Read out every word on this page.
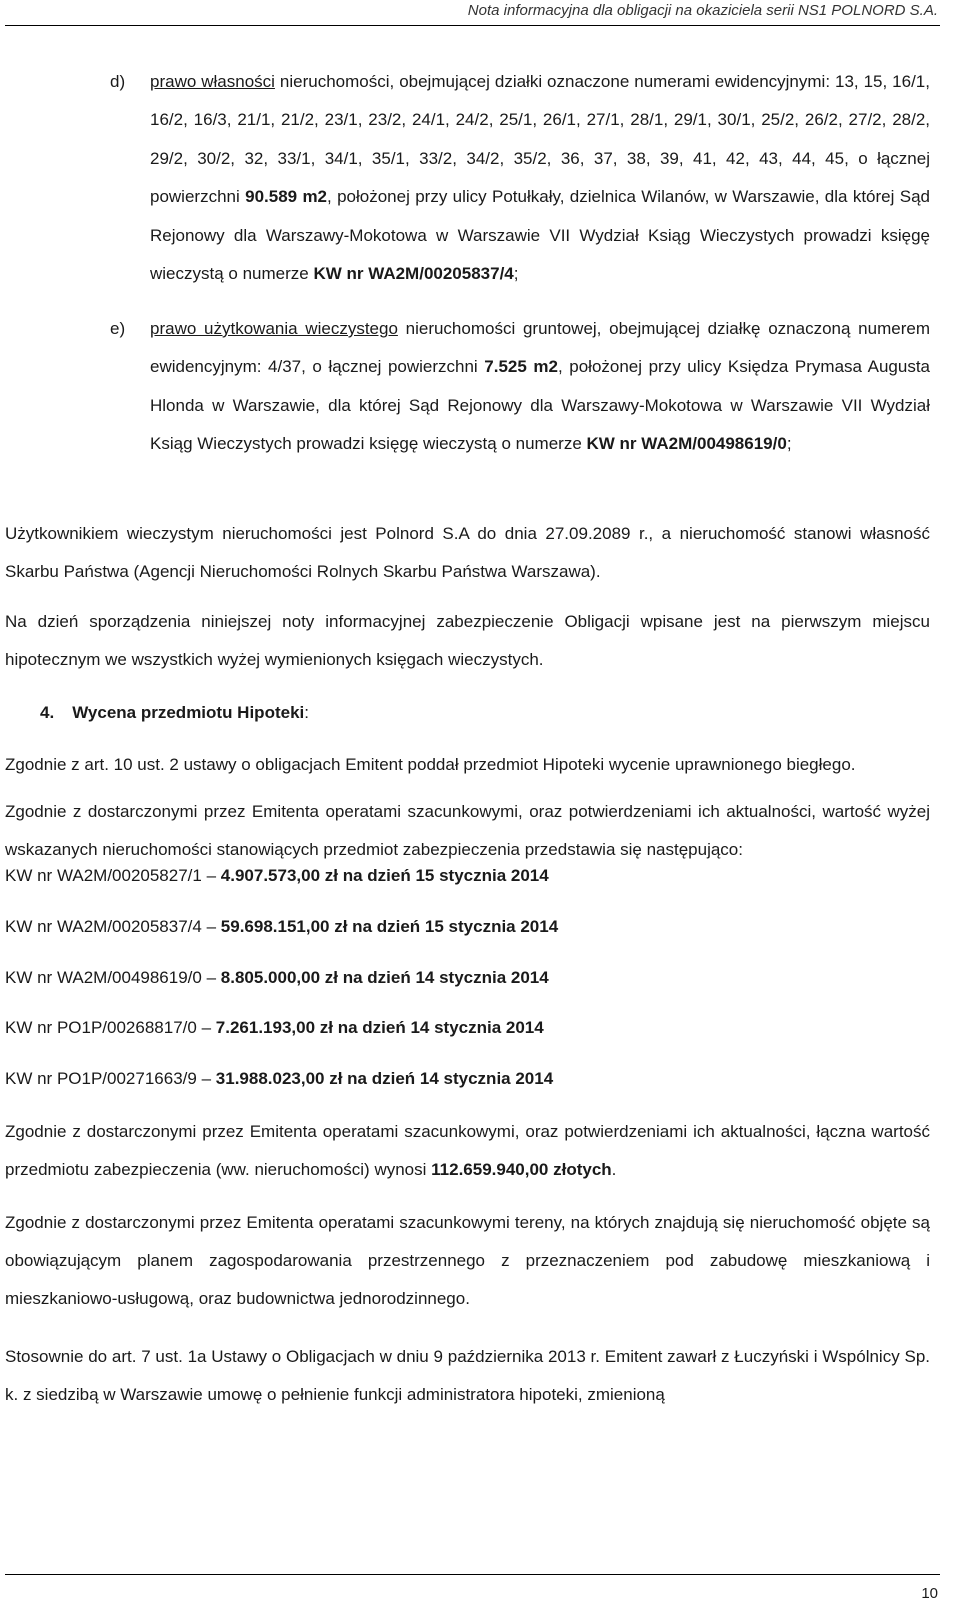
Nota informacyjna dla obligacji na okaziciela serii NS1 POLNORD S.A.
d) prawo własności nieruchomości, obejmującej działki oznaczone numerami ewidencyjnymi: 13, 15, 16/1, 16/2, 16/3, 21/1, 21/2, 23/1, 23/2, 24/1, 24/2, 25/1, 26/1, 27/1, 28/1, 29/1, 30/1, 25/2, 26/2, 27/2, 28/2, 29/2, 30/2, 32, 33/1, 34/1, 35/1, 33/2, 34/2, 35/2, 36, 37, 38, 39, 41, 42, 43, 44, 45, o łącznej powierzchni 90.589 m2, położonej przy ulicy Potułkały, dzielnica Wilanów, w Warszawie, dla której Sąd Rejonowy dla Warszawy-Mokotowa w Warszawie VII Wydział Ksiąg Wieczystych prowadzi księgę wieczystą o numerze KW nr WA2M/00205837/4;
e) prawo użytkowania wieczystego nieruchomości gruntowej, obejmującej działkę oznaczoną numerem ewidencyjnym: 4/37, o łącznej powierzchni 7.525 m2, położonej przy ulicy Księdza Prymasa Augusta Hlonda w Warszawie, dla której Sąd Rejonowy dla Warszawy-Mokotowa w Warszawie VII Wydział Ksiąg Wieczystych prowadzi księgę wieczystą o numerze KW nr WA2M/00498619/0;

Użytkownikiem wieczystym nieruchomości jest Polnord S.A do dnia 27.09.2089 r., a nieruchomość stanowi własność Skarbu Państwa (Agencji Nieruchomości Rolnych Skarbu Państwa Warszawa).

Na dzień sporządzenia niniejszej noty informacyjnej zabezpieczenie Obligacji wpisane jest na pierwszym miejscu hipotecznym we wszystkich wyżej wymienionych księgach wieczystych.

4. Wycena przedmiotu Hipoteki:

Zgodnie z art. 10 ust. 2 ustawy o obligacjach Emitent poddał przedmiot Hipoteki wycenie uprawnionego biegłego.

Zgodnie z dostarczonymi przez Emitenta operatami szacunkowymi, oraz potwierdzeniami ich aktualności, wartość wyżej wskazanych nieruchomości stanowiących przedmiot zabezpieczenia przedstawia się następująco:

KW nr WA2M/00205827/1 – 4.907.573,00 zł na dzień 15 stycznia 2014
KW nr WA2M/00205837/4 – 59.698.151,00 zł na dzień 15 stycznia 2014
KW nr WA2M/00498619/0 – 8.805.000,00 zł na dzień 14 stycznia 2014
KW nr PO1P/00268817/0 – 7.261.193,00 zł na dzień 14 stycznia 2014
KW nr PO1P/00271663/9 – 31.988.023,00 zł na dzień 14 stycznia 2014

Zgodnie z dostarczonymi przez Emitenta operatami szacunkowymi, oraz potwierdzeniami ich aktualności, łączna wartość przedmiotu zabezpieczenia (ww. nieruchomości) wynosi 112.659.940,00 złotych.

Zgodnie z dostarczonymi przez Emitenta operatami szacunkowymi tereny, na których znajdują się nieruchomość objęte są obowiązującym planem zagospodarowania przestrzennego z przeznaczeniem pod zabudowę mieszkaniową i mieszkaniowo-usługową, oraz budownictwa jednorodzinnego.

Stosownie do art. 7 ust. 1a Ustawy o Obligacjach w dniu 9 października 2013 r. Emitent zawarł z Łuczyński i Wspólnicy Sp. k. z siedzibą w Warszawie umowę o pełnienie funkcji administratora hipoteki, zmienioną

10
